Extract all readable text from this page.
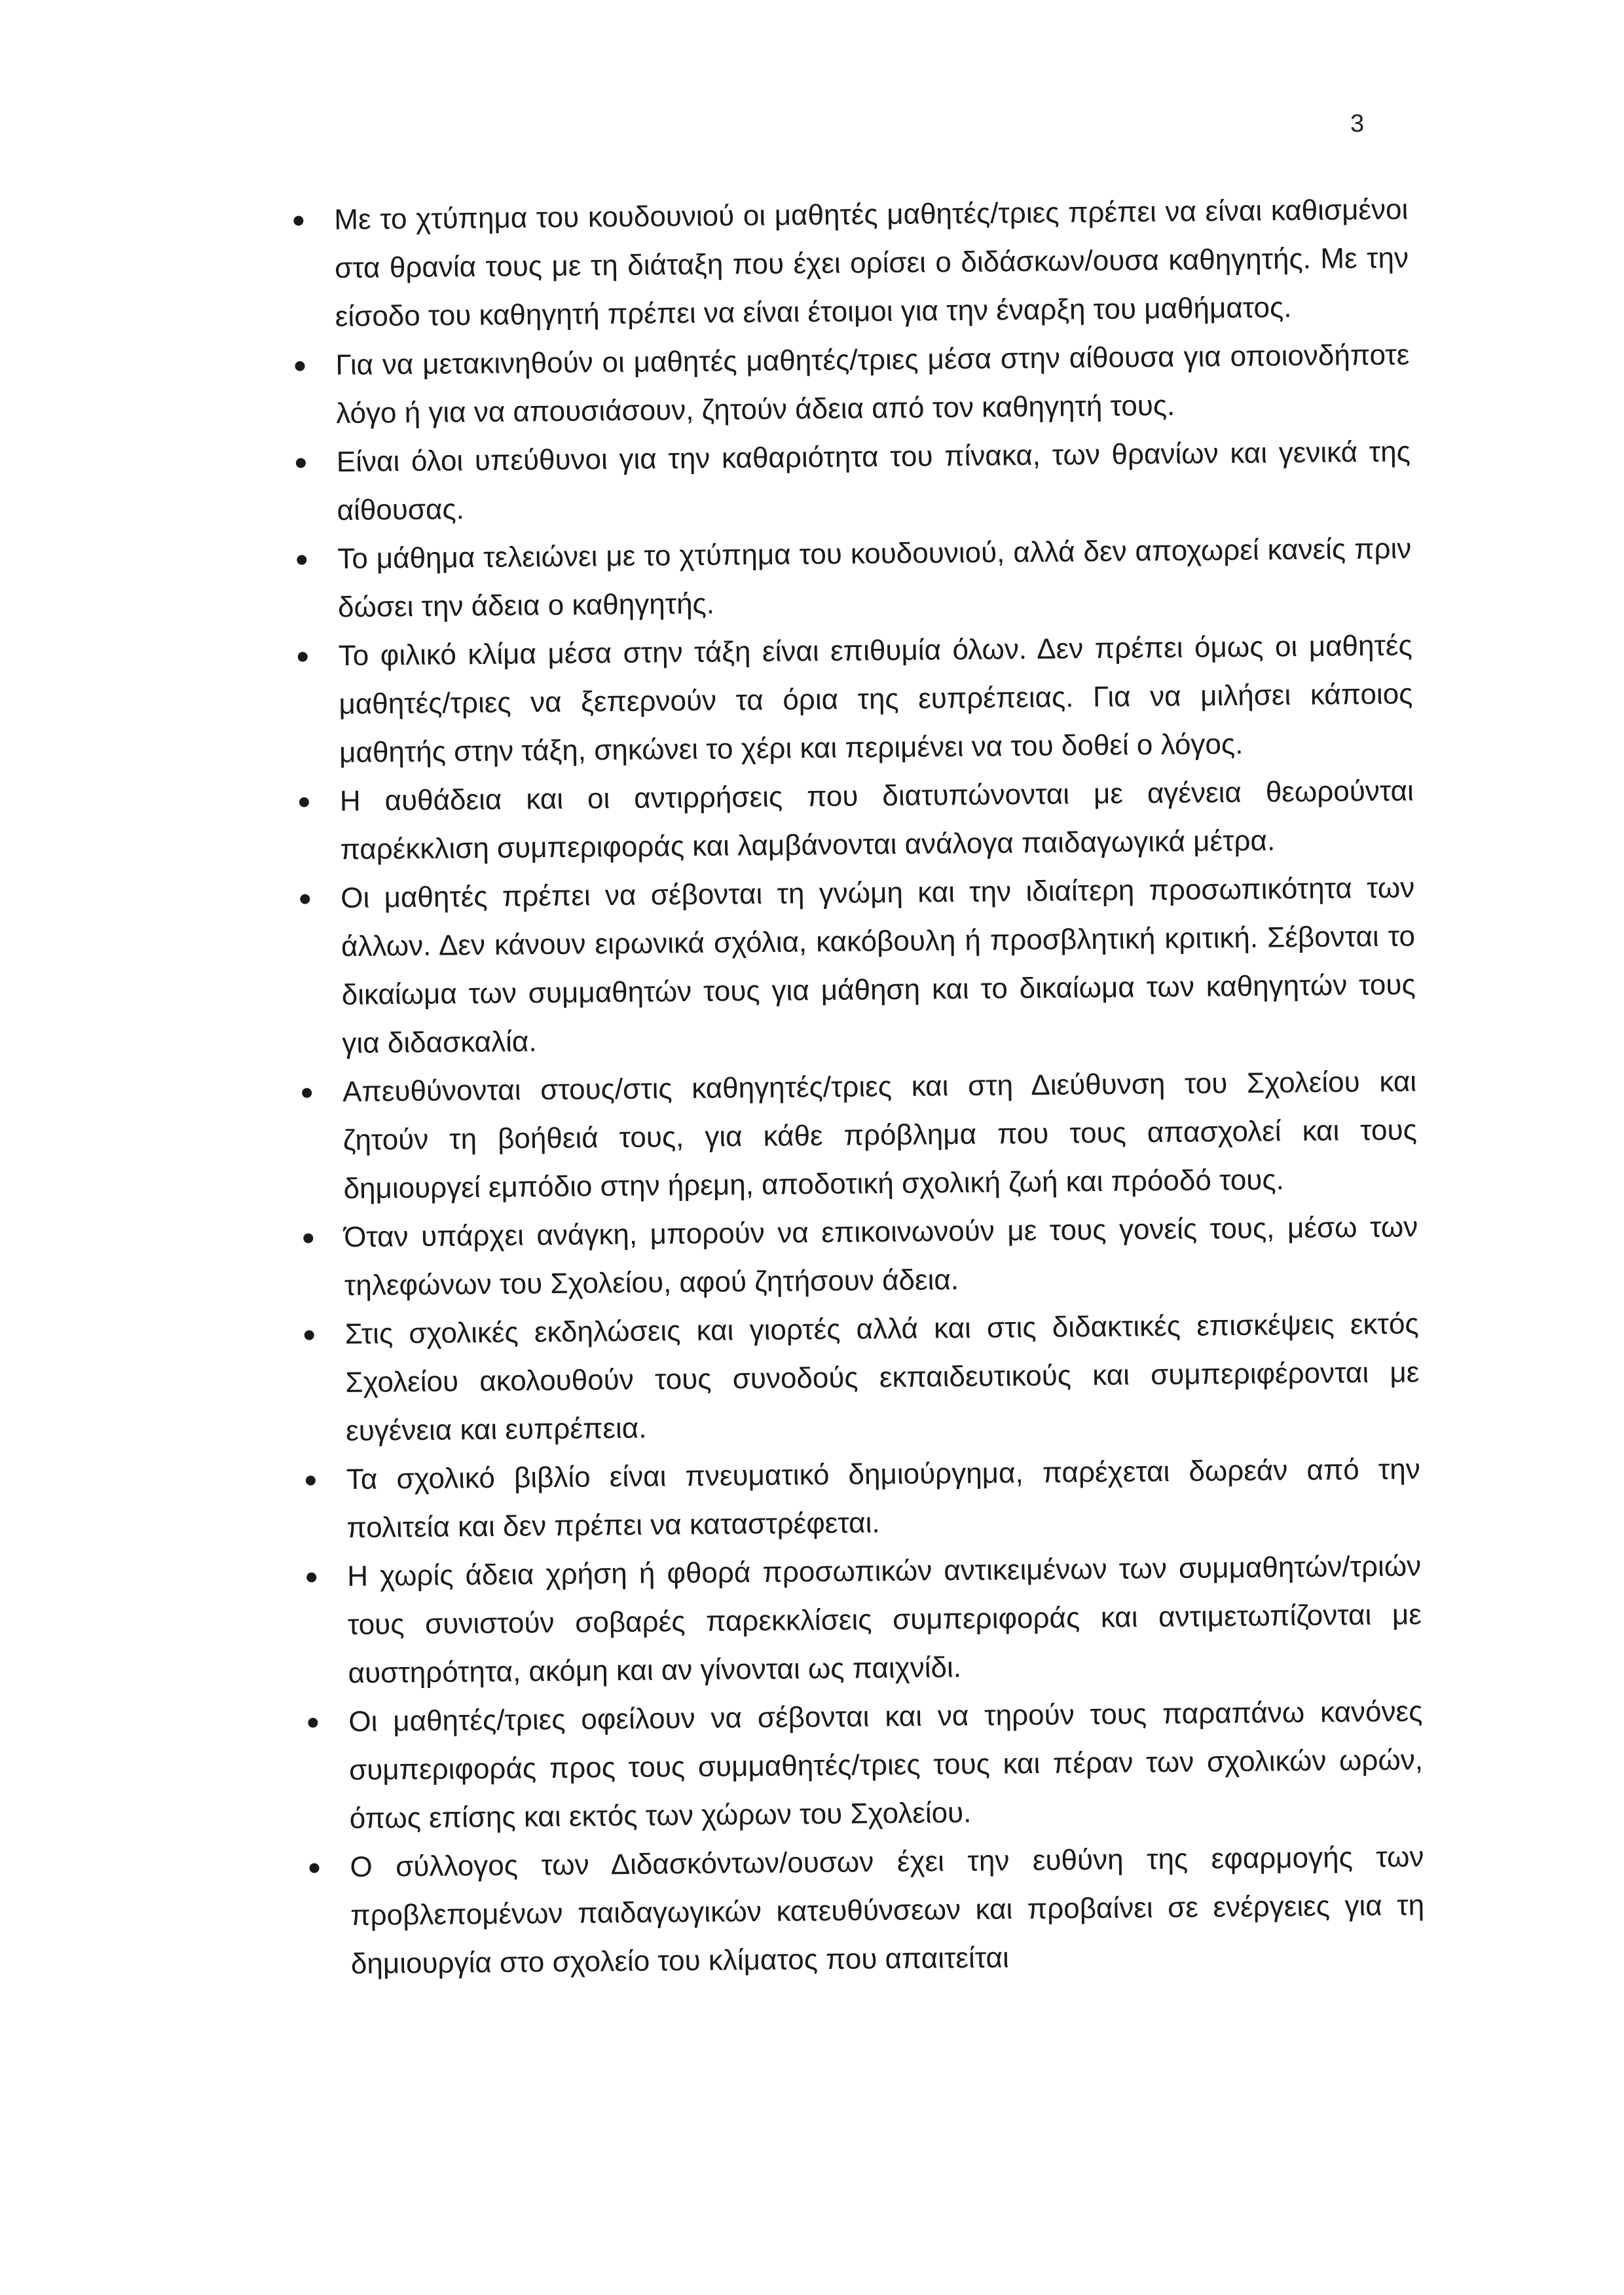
3
Με το χτύπημα του κουδουνιού οι μαθητές μαθητές/τριες πρέπει να είναι καθισμένοι στα θρανία τους με τη διάταξη που έχει ορίσει ο διδάσκων/ουσα καθηγητής. Με την είσοδο του καθηγητή πρέπει να είναι έτοιμοι για την έναρξη του μαθήματος.
Για να μετακινηθούν οι μαθητές μαθητές/τριες μέσα στην αίθουσα για οποιονδήποτε λόγο ή για να απουσιάσουν, ζητούν άδεια από τον καθηγητή τους.
Είναι όλοι υπεύθυνοι για την καθαριότητα του πίνακα, των θρανίων και γενικά της αίθουσας.
Το μάθημα τελειώνει με το χτύπημα του κουδουνιού, αλλά δεν αποχωρεί κανείς πριν δώσει την άδεια ο καθηγητής.
Το φιλικό κλίμα μέσα στην τάξη είναι επιθυμία όλων. Δεν πρέπει όμως οι μαθητές μαθητές/τριες να ξεπερνούν τα όρια της ευπρέπειας. Για να μιλήσει κάποιος μαθητής στην τάξη, σηκώνει το χέρι και περιμένει να του δοθεί ο λόγος.
Η αυθάδεια και οι αντιρρήσεις που διατυπώνονται με αγένεια θεωρούνται παρέκκλιση συμπεριφοράς και λαμβάνονται ανάλογα παιδαγωγικά μέτρα.
Οι μαθητές πρέπει να σέβονται τη γνώμη και την ιδιαίτερη προσωπικότητα των άλλων. Δεν κάνουν ειρωνικά σχόλια, κακόβουλη ή προσβλητική κριτική. Σέβονται το δικαίωμα των συμμαθητών τους για μάθηση και το δικαίωμα των καθηγητών τους για διδασκαλία.
Απευθύνονται στους/στις καθηγητές/τριες και στη Διεύθυνση του Σχολείου και ζητούν τη βοήθειά τους, για κάθε πρόβλημα που τους απασχολεί και τους δημιουργεί εμπόδιο στην ήρεμη, αποδοτική σχολική ζωή και πρόοδό τους.
Όταν υπάρχει ανάγκη, μπορούν να επικοινωνούν με τους γονείς τους, μέσω των τηλεφώνων του Σχολείου, αφού ζητήσουν άδεια.
Στις σχολικές εκδηλώσεις και γιορτές αλλά και στις διδακτικές επισκέψεις εκτός Σχολείου ακολουθούν τους συνοδούς εκπαιδευτικούς και συμπεριφέρονται με ευγένεια και ευπρέπεια.
Τα σχολικό βιβλίο είναι πνευματικό δημιούργημα, παρέχεται δωρεάν από την πολιτεία και δεν πρέπει να καταστρέφεται.
Η χωρίς άδεια χρήση ή φθορά προσωπικών αντικειμένων των συμμαθητών/τριών τους συνιστούν σοβαρές παρεκκλίσεις συμπεριφοράς και αντιμετωπίζονται με αυστηρότητα, ακόμη και αν γίνονται ως παιχνίδι.
Οι μαθητές/τριες οφείλουν να σέβονται και να τηρούν τους παραπάνω κανόνες συμπεριφοράς προς τους συμμαθητές/τριες τους και πέραν των σχολικών ωρών, όπως επίσης και εκτός των χώρων του Σχολείου.
Ο σύλλογος των Διδασκόντων/ουσων έχει την ευθύνη της εφαρμογής των προβλεπομένων παιδαγωγικών κατευθύνσεων και προβαίνει σε ενέργειες για τη δημιουργία στο σχολείο του κλίματος που απαιτείται
